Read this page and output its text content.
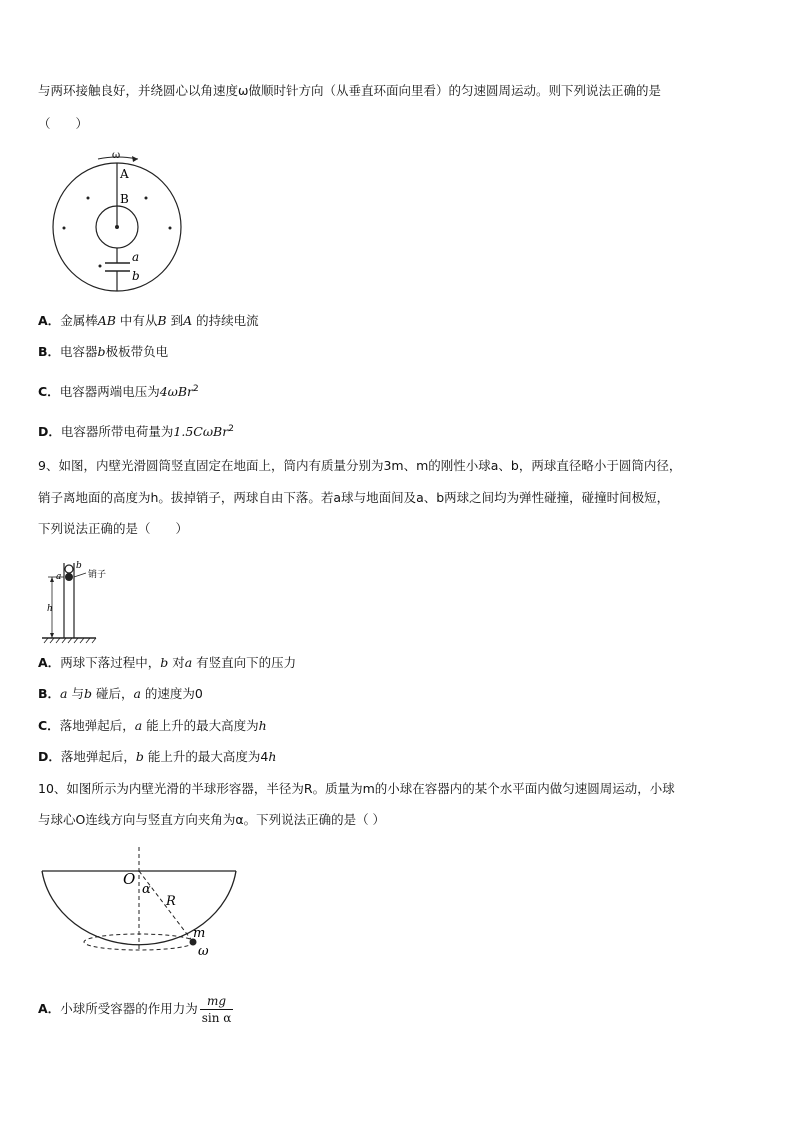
与两环接触良好，并绕圆心以角速度ω做顺时针方向（从垂直环面向里看）的匀速圆周运动。则下列说法正确的是
（　　）
ω
A
B
a
b
A．金属棒AB 中有从B 到A 的持续电流
B．电容器b极板带负电
C．电容器两端电压为4ωBr$^2$
D．电容器所带电荷量为1.5CωBr$^2$
9、如图，内壁光滑圆筒竖直固定在地面上，筒内有质量分别为3m、m的刚性小球a、b，两球直径略小于圆筒内径，
销子离地面的高度为h。拔掉销子，两球自由下落。若a球与地面间及a、b两球之间均为弹性碰撞，碰撞时间极短，
下列说法正确的是（　　）
销子
b
a
h
A．两球下落过程中，b 对a 有竖直向下的压力
B．a 与b 碰后，a 的速度为0
C．落地弹起后，a 能上升的最大高度为h
D．落地弹起后，b 能上升的最大高度为4h
10、如图所示为内壁光滑的半球形容器，半径为R。质量为m的小球在容器内的某个水平面内做匀速圆周运动，小球
与球心O连线方向与竖直方向夹角为α。下列说法正确的是（ ）
O
α
R
m
ω
A．小球所受容器的作用力为 $\frac{mg}{\text{sin α}}$
